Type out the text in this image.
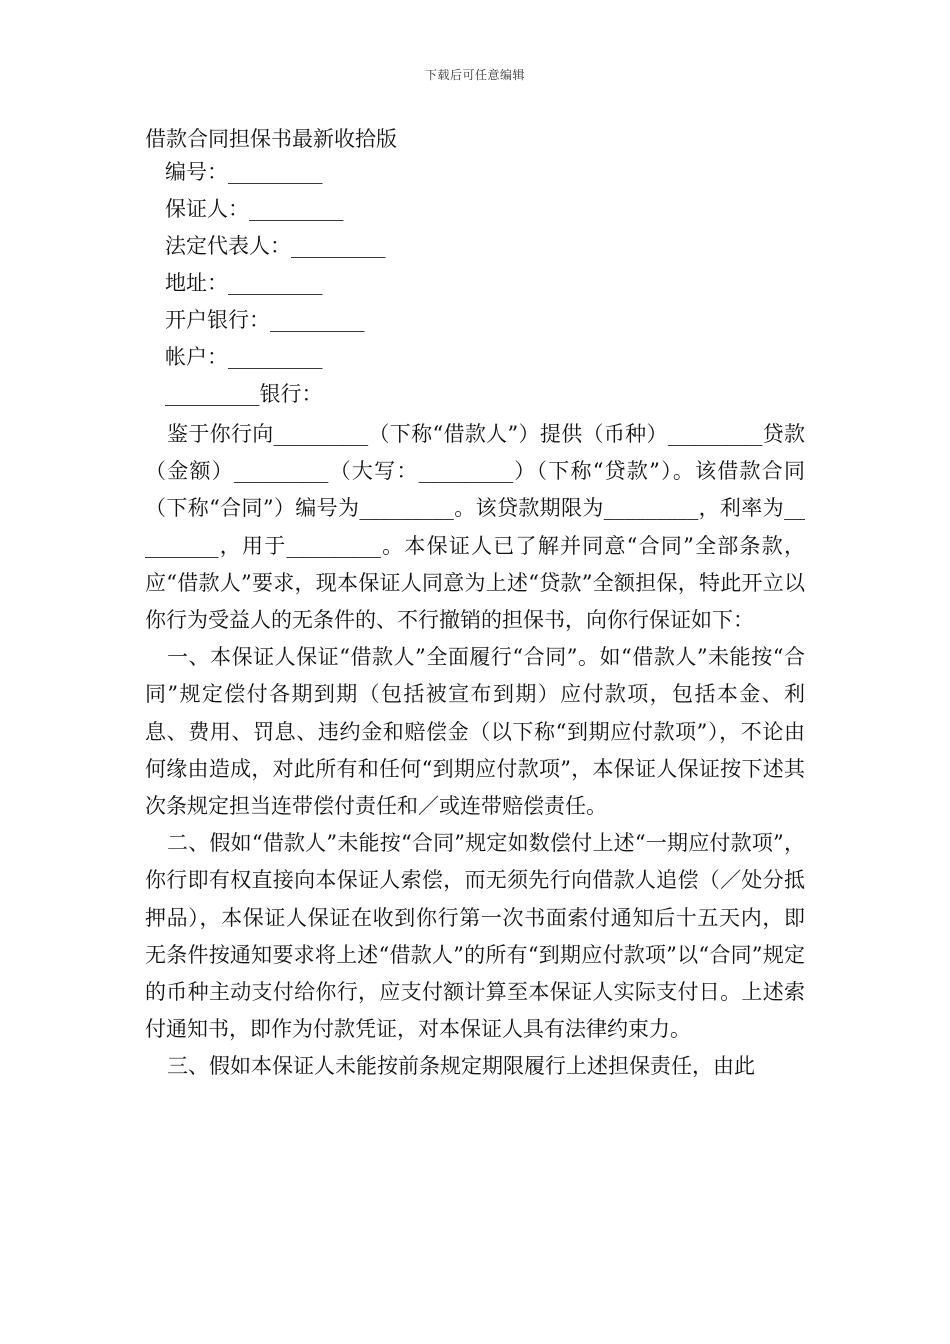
下载后可任意编辑
借款合同担保书最新收拾版
编号：_________
保证人：_________
法定代表人：_________
地址：_________
开户银行：_________
帐户：_________
_________银行：

鉴于你行向_________（下称“借款人”）提供（币种）_________贷款（金额）_________（大写：_________）（下称“贷款”）。该借款合同（下称“合同”）编号为_________。该贷款期限为_________，利率为_________，用于_________。本保证人已了解并同意“合同”全部条款，应“借款人”要求，现本保证人同意为上述“贷款”全额担保，特此开立以你行为受益人的无条件的、不行撤销的担保书，向你行保证如下：

一、本保证人保证“借款人”全面履行“合同”。如“借款人”未能按“合同”规定偿付各期到期（包括被宣布到期）应付款项，包括本金、利息、费用、罚息、违约金和赔偿金（以下称“到期应付款项”），不论由何缘由造成，对此所有和任何“到期应付款项”，本保证人保证按下述其次条规定担当连带偿付责任和／或连带赔偿责任。

二、假如“借款人”未能按“合同”规定如数偿付上述“一期应付款项”，你行即有权直接向本保证人索偿，而无须先行向借款人追偿（／处分抵押品），本保证人保证在收到你行第一次书面索付通知后十五天内，即无条件按通知要求将上述“借款人”的所有“到期应付款项”以“合同”规定的币种主动支付给你行，应支付额计算至本保证人实际支付日。上述索付通知书，即作为付款凭证，对本保证人具有法律约束力。

三、假如本保证人未能按前条规定期限履行上述担保责任，由此
